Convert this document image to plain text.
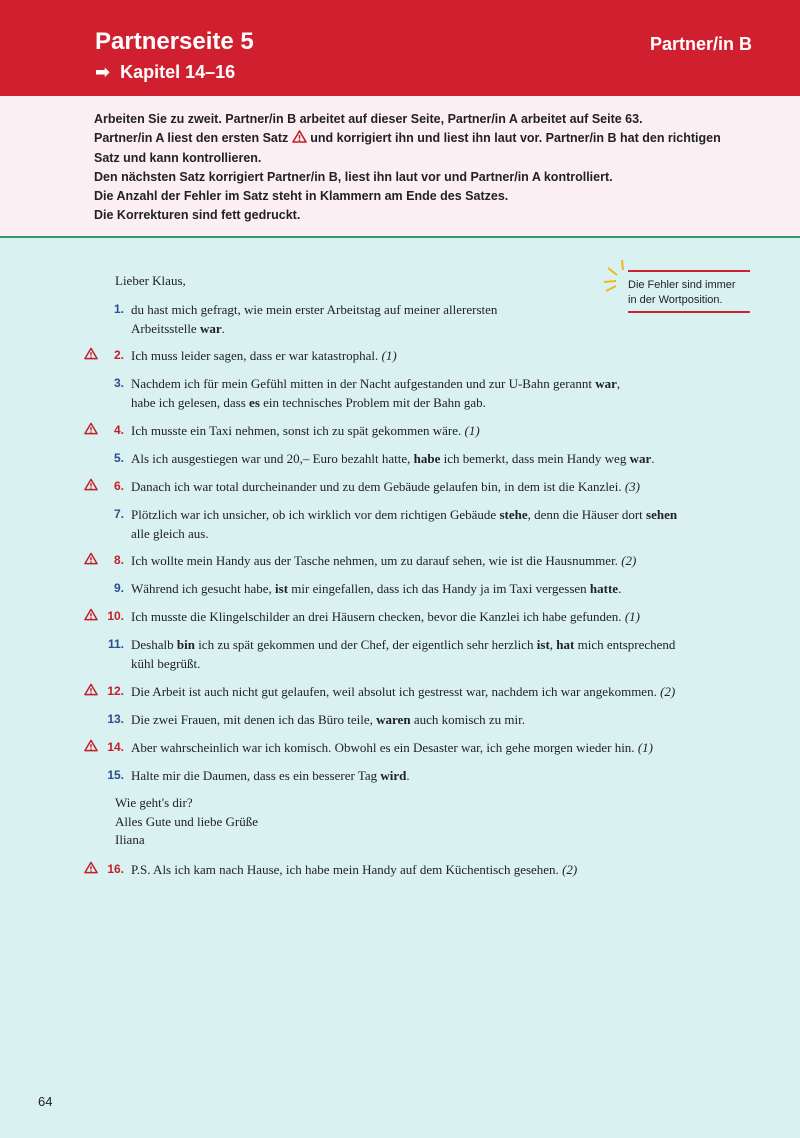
Partnerseite 5
➡ Kapitel 14–16
Partner/in B
Arbeiten Sie zu zweit. Partner/in B arbeitet auf dieser Seite, Partner/in A arbeitet auf Seite 63.
Partner/in A liest den ersten Satz und korrigiert ihn und liest ihn laut vor. Partner/in B hat den richtigen
Satz und kann kontrollieren.
Den nächsten Satz korrigiert Partner/in B, liest ihn laut vor und Partner/in A kontrolliert.
Die Anzahl der Fehler im Satz steht in Klammern am Ende des Satzes.
Die Korrekturen sind fett gedruckt.
Lieber Klaus,	Die Fehler sind immer
in der Wortposition.
1. du hast mich gefragt, wie mein erster Arbeitstag auf meiner allerersten
Arbeitsstelle war.
2. Ich muss leider sagen, dass er war katastrophal. (1)
3. Nachdem ich für mein Gefühl mitten in der Nacht aufgestanden und zur U-Bahn gerannt war,
habe ich gelesen, dass es ein technisches Problem mit der Bahn gab.
4. Ich musste ein Taxi nehmen, sonst ich zu spät gekommen wäre. (1)
5. Als ich ausgestiegen war und 20,– Euro bezahlt hatte, habe ich bemerkt, dass mein Handy weg war.
6. Danach ich war total durcheinander und zu dem Gebäude gelaufen bin, in dem ist die Kanzlei. (3)
7. Plötzlich war ich unsicher, ob ich wirklich vor dem richtigen Gebäude stehe, denn die Häuser dort sehen
alle gleich aus.
8. Ich wollte mein Handy aus der Tasche nehmen, um zu darauf sehen, wie ist die Hausnummer. (2)
9. Während ich gesucht habe, ist mir eingefallen, dass ich das Handy ja im Taxi vergessen hatte.
10. Ich musste die Klingelschilder an drei Häusern checken, bevor die Kanzlei ich habe gefunden. (1)
11. Deshalb bin ich zu spät gekommen und der Chef, der eigentlich sehr herzlich ist, hat mich entsprechend
kühl begrüßt.
12. Die Arbeit ist auch nicht gut gelaufen, weil absolut ich gestresst war, nachdem ich war angekommen. (2)
13. Die zwei Frauen, mit denen ich das Büro teile, waren auch komisch zu mir.
14. Aber wahrscheinlich war ich komisch. Obwohl es ein Desaster war, ich gehe morgen wieder hin. (1)
15. Halte mir die Daumen, dass es ein besserer Tag wird.
16. P.S. Als ich kam nach Hause, ich habe mein Handy auf dem Küchentisch gesehen. (2)
Wie geht's dir?
Alles Gute und liebe Grüße
Iliana
64
